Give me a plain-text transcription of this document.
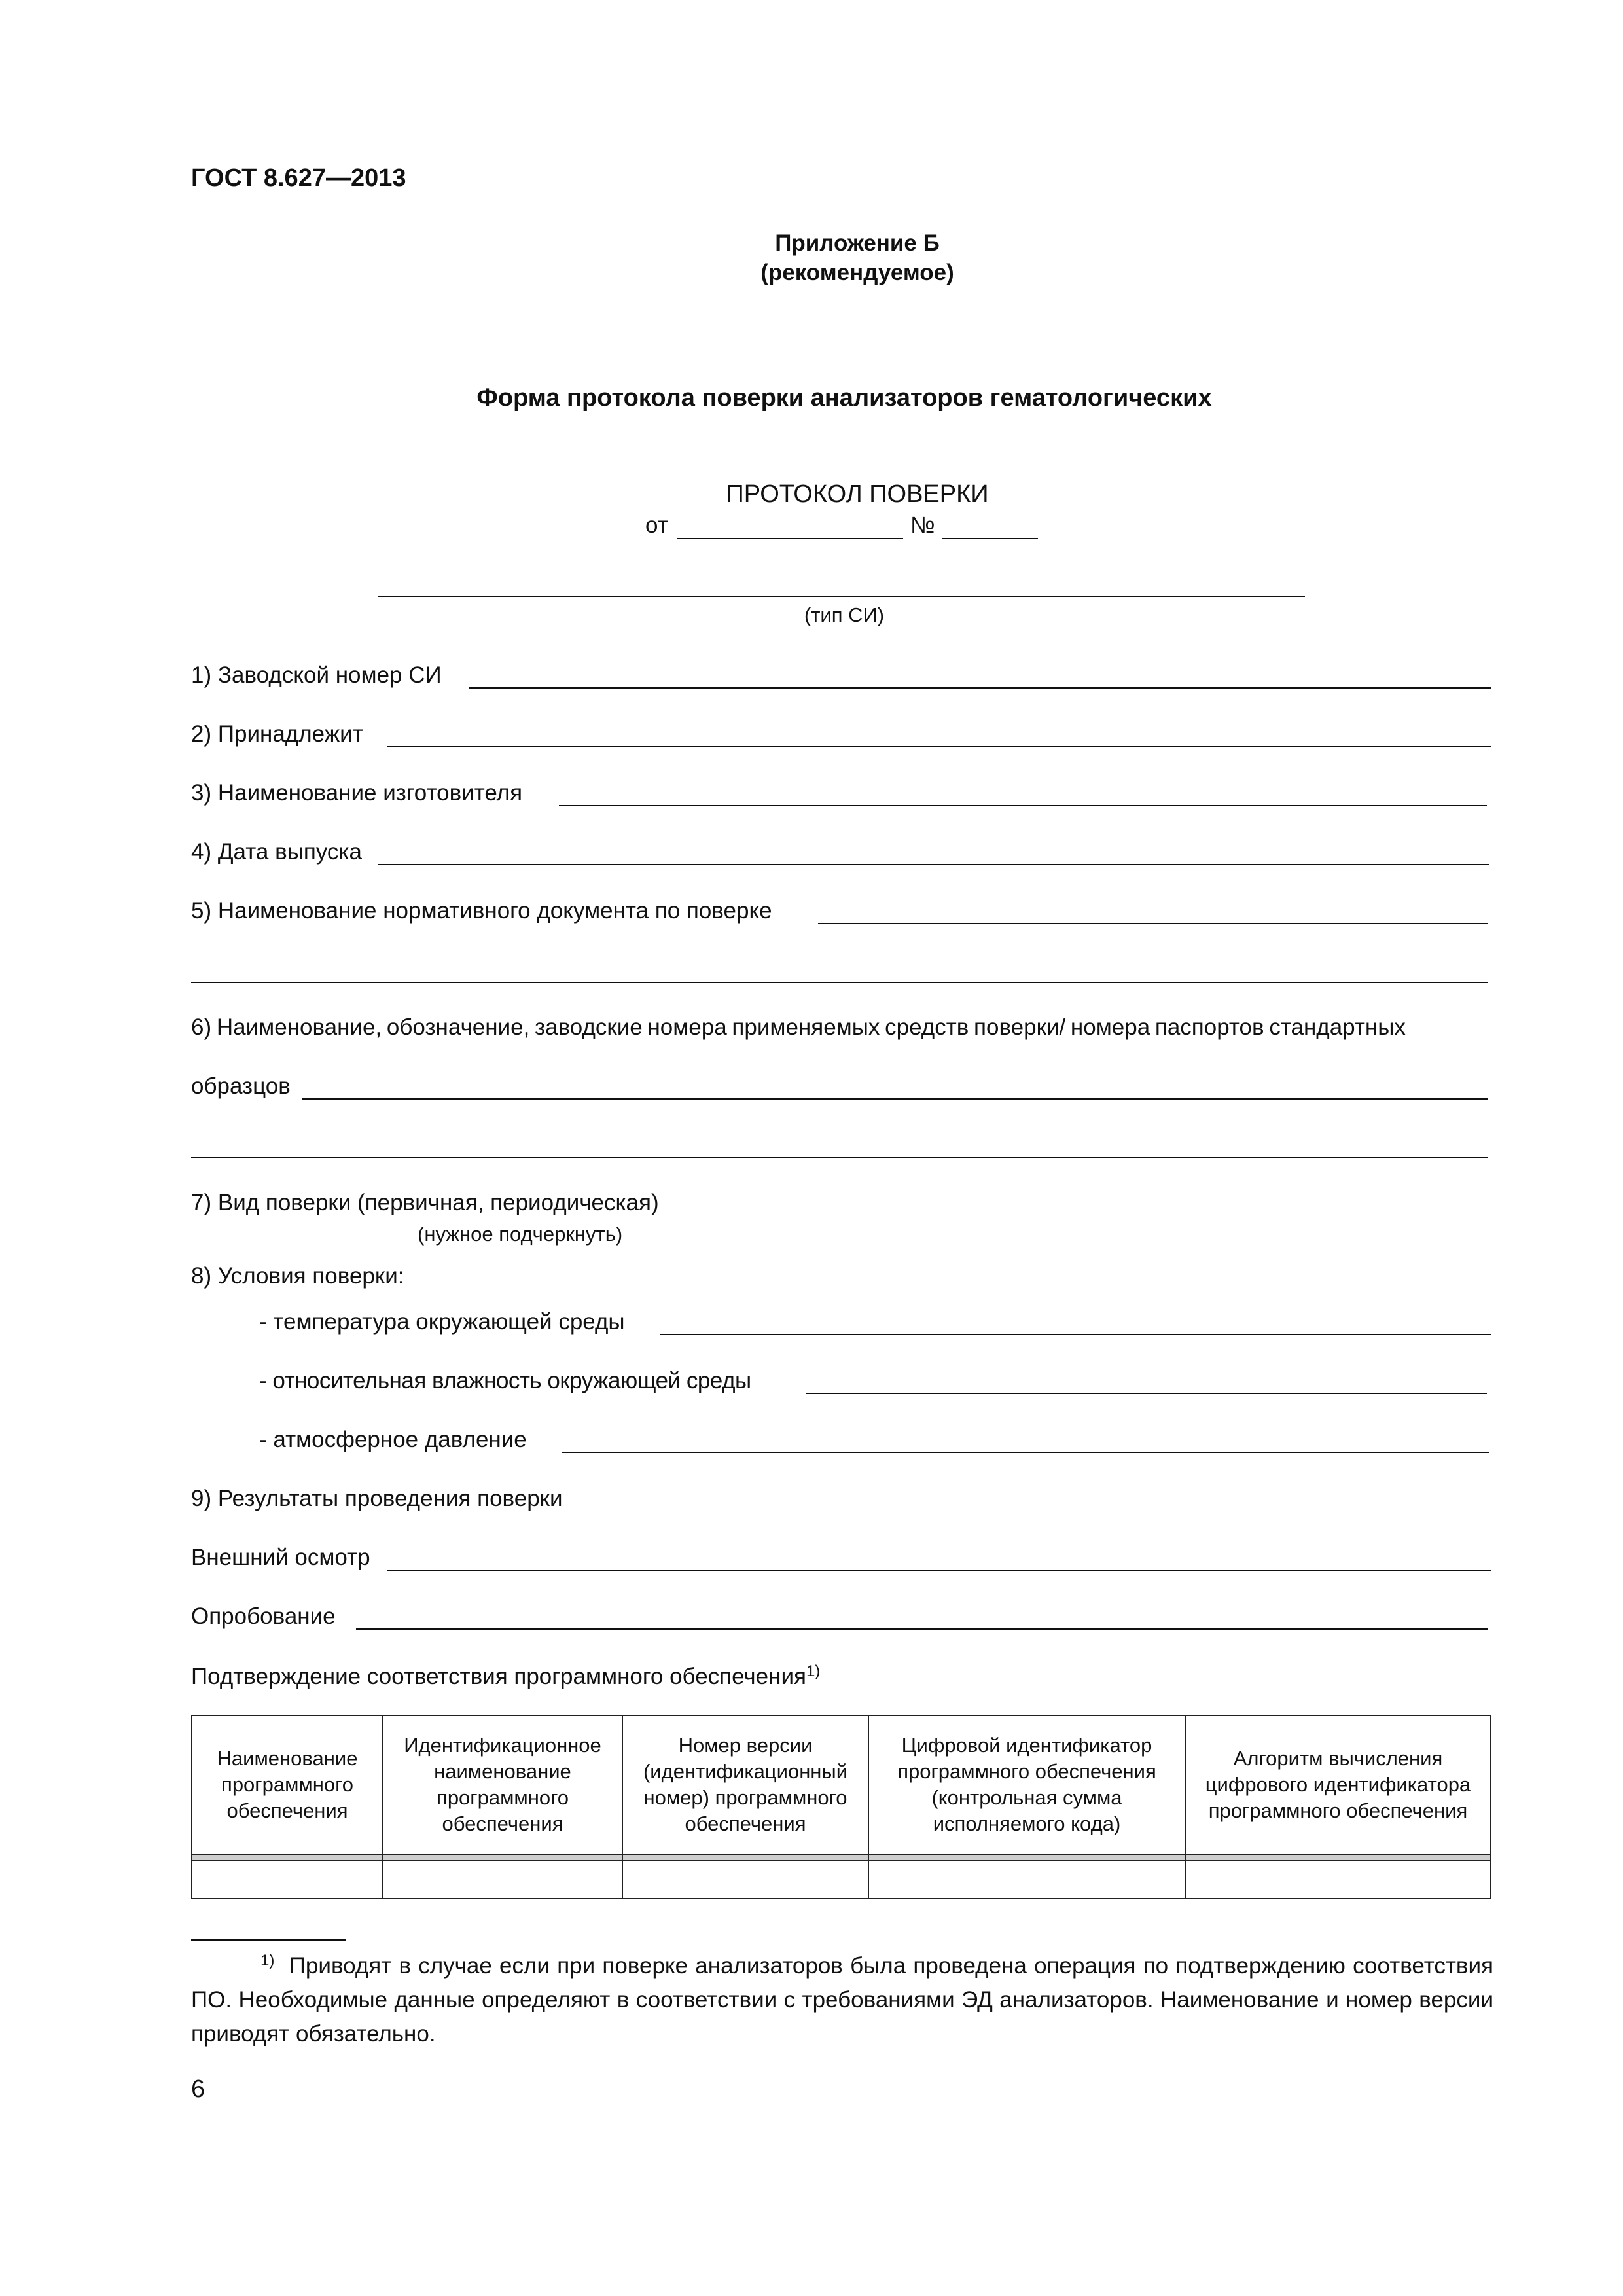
ГОСТ 8.627—2013
Приложение Б
(рекомендуемое)
Форма протокола поверки анализаторов гематологических
ПРОТОКОЛ ПОВЕРКИ
от	№
(тип СИ)
1) Заводской номер СИ
2) Принадлежит
3) Наименование изготовителя
4) Дата выпуска
5) Наименование нормативного документа по поверке
6) Наименование, обозначение, заводские номера применяемых средств поверки/ номера паспортов стандартных
образцов
7) Вид поверки (первичная, периодическая)
(нужное подчеркнуть)
8) Условия поверки:
- температура окружающей среды
- относительная влажность окружающей среды
- атмосферное давление
9) Результаты проведения поверки
Внешний осмотр
Опробование
Подтверждение соответствия программного обеспечения$^{1)}$
Наименование программного обеспечения	Идентификационное наименование программного обеспечения	Номер версии (идентификационный номер) программного обеспечения	Цифровой идентификатор программного обеспечения (контрольная сумма исполняемого кода)	Алгоритм вычисления цифрового идентификатора программного обеспечения

$^{1)}$ Приводят в случае если при поверке анализаторов была проведена операция по подтверждению соответствия ПО. Необходимые данные определяют в соответствии с требованиями ЭД анализаторов. Наименование и номер версии приводят обязательно.
6
